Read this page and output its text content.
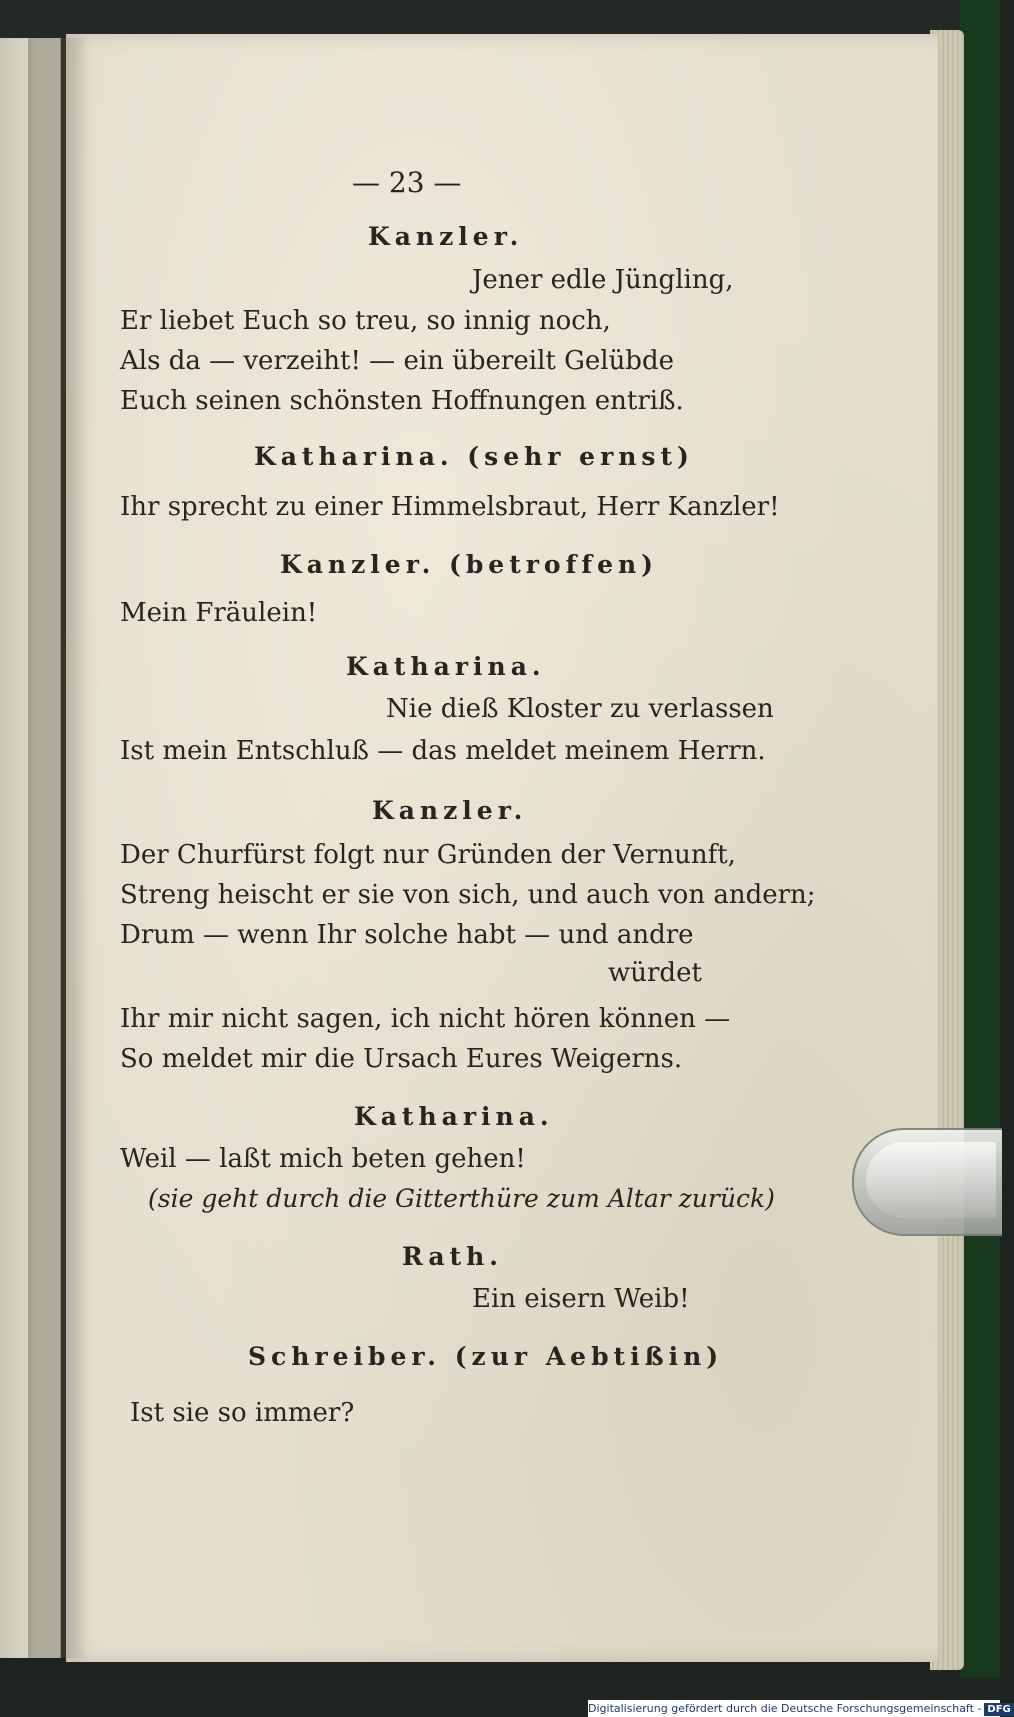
— 23 —
Kanzler.
Jener edle Jüngling,
Er liebet Euch so treu, so innig noch,
Als da — verzeiht! — ein übereilt Gelübde
Euch seinen schönsten Hoffnungen entriß.
Katharina. (sehr ernst)
Ihr sprecht zu einer Himmelsbraut, Herr Kanzler!
Kanzler. (betroffen)
Mein Fräulein!
Katharina.
Nie dieß Kloster zu verlassen
Ist mein Entschluß — das meldet meinem Herrn.
Kanzler.
Der Churfürst folgt nur Gründen der Vernunft,
Streng heischt er sie von sich, und auch von andern;
Drum — wenn Ihr solche habt — und andre
würdet
Ihr mir nicht sagen, ich nicht hören können —
So meldet mir die Ursach Eures Weigerns.
Katharina.
Weil — laßt mich beten gehen!
(sie geht durch die Gitterthüre zum Altar zurück)
Rath.
Ein eisern Weib!
Schreiber. (zur Aebtißin)
Ist sie so immer?
Digitalisierung gefördert durch die Deutsche Forschungsgemeinschaft - DFG
